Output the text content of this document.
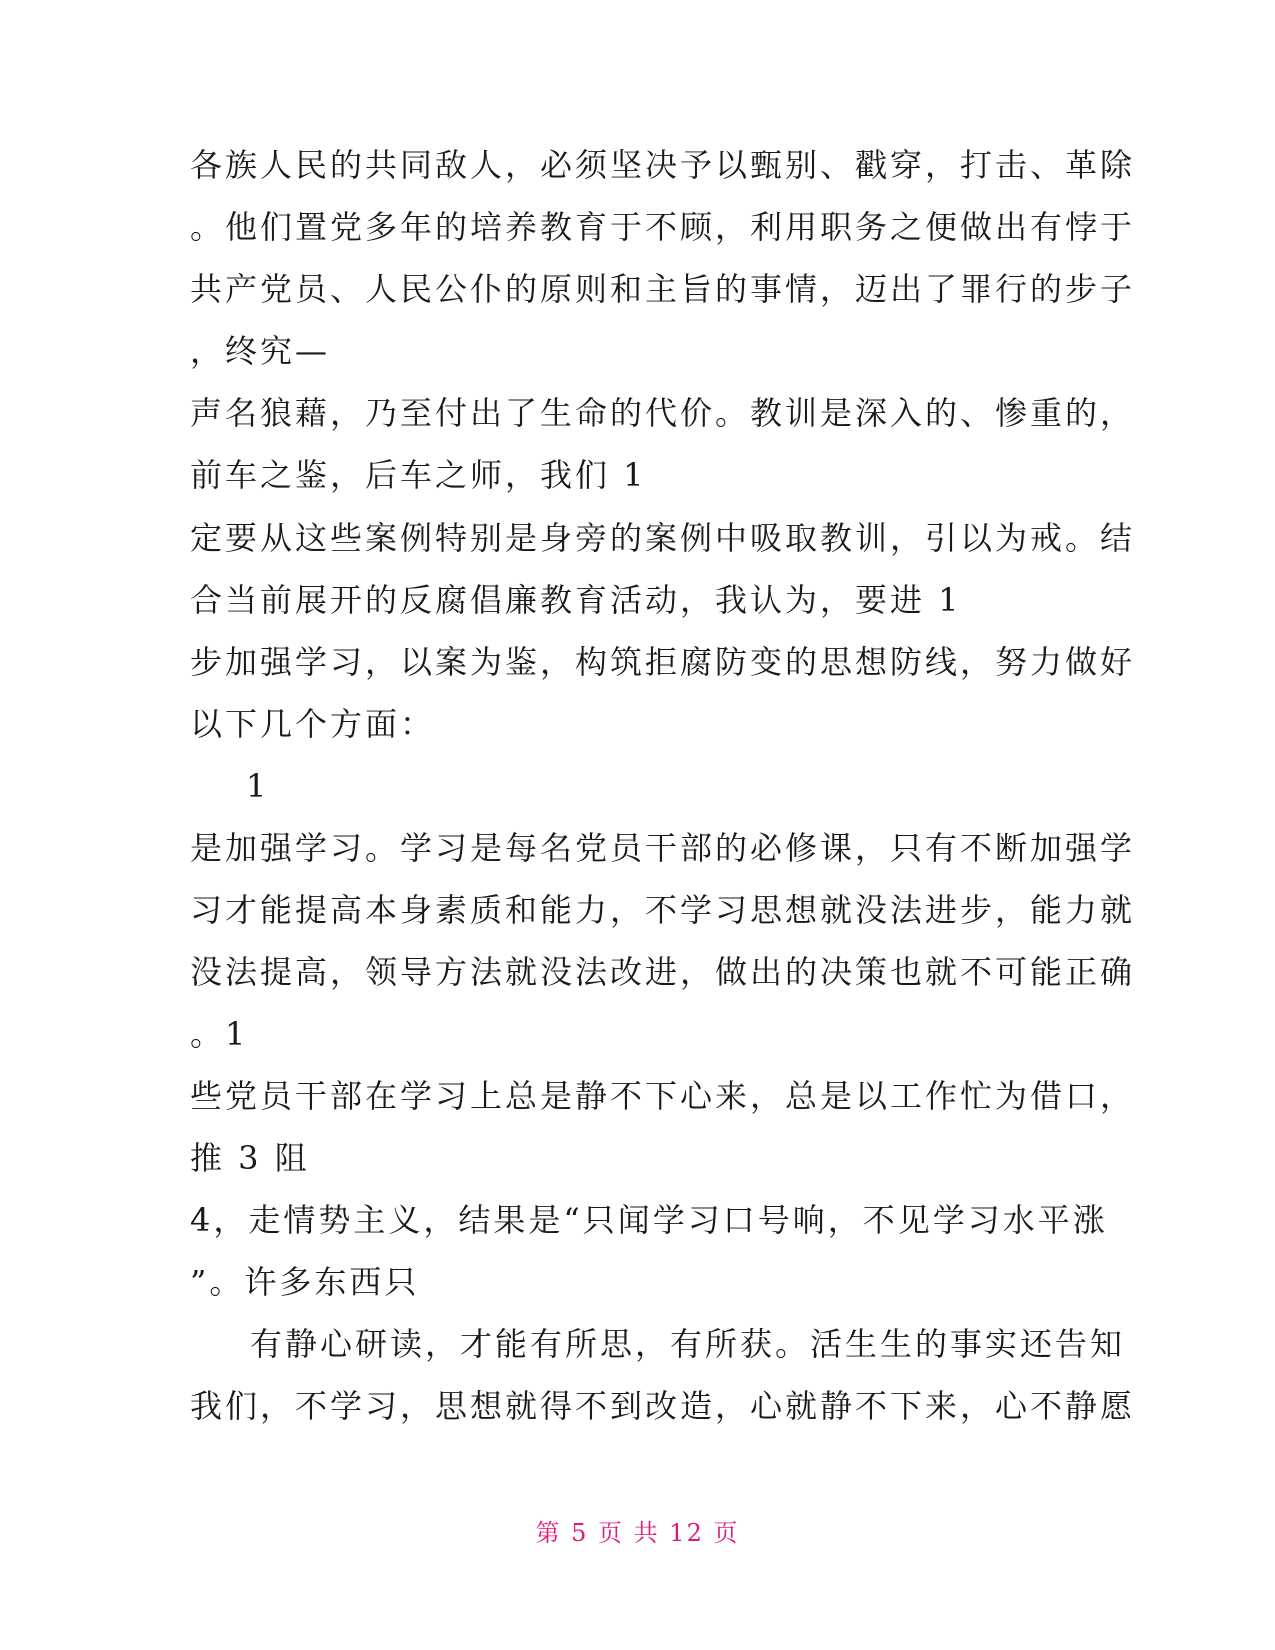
各族人民的共同敌人，必须坚决予以甄别、戳穿，打击、革除
。他们置党多年的培养教育于不顾，利用职务之便做出有悖于
共产党员、人民公仆的原则和主旨的事情，迈出了罪行的步子
，终究—
声名狼藉，乃至付出了生命的代价。教训是深入的、惨重的，
前车之鉴，后车之师，我们 1
定要从这些案例特别是身旁的案例中吸取教训，引以为戒。结
合当前展开的反腐倡廉教育活动，我认为，要进 1
步加强学习，以案为鉴，构筑拒腐防变的思想防线，努力做好
以下几个方面：
1
是加强学习。学习是每名党员干部的必修课，只有不断加强学
习才能提高本身素质和能力，不学习思想就没法进步，能力就
没法提高，领导方法就没法改进，做出的决策也就不可能正确
。1
些党员干部在学习上总是静不下心来，总是以工作忙为借口，
推 3 阻
4，走情势主义，结果是“只闻学习口号响，不见学习水平涨
”。许多东西只
有静心研读，才能有所思，有所获。活生生的事实还告知
我们，不学习，思想就得不到改造，心就静不下来，心不静愿
第 5 页 共 12 页
